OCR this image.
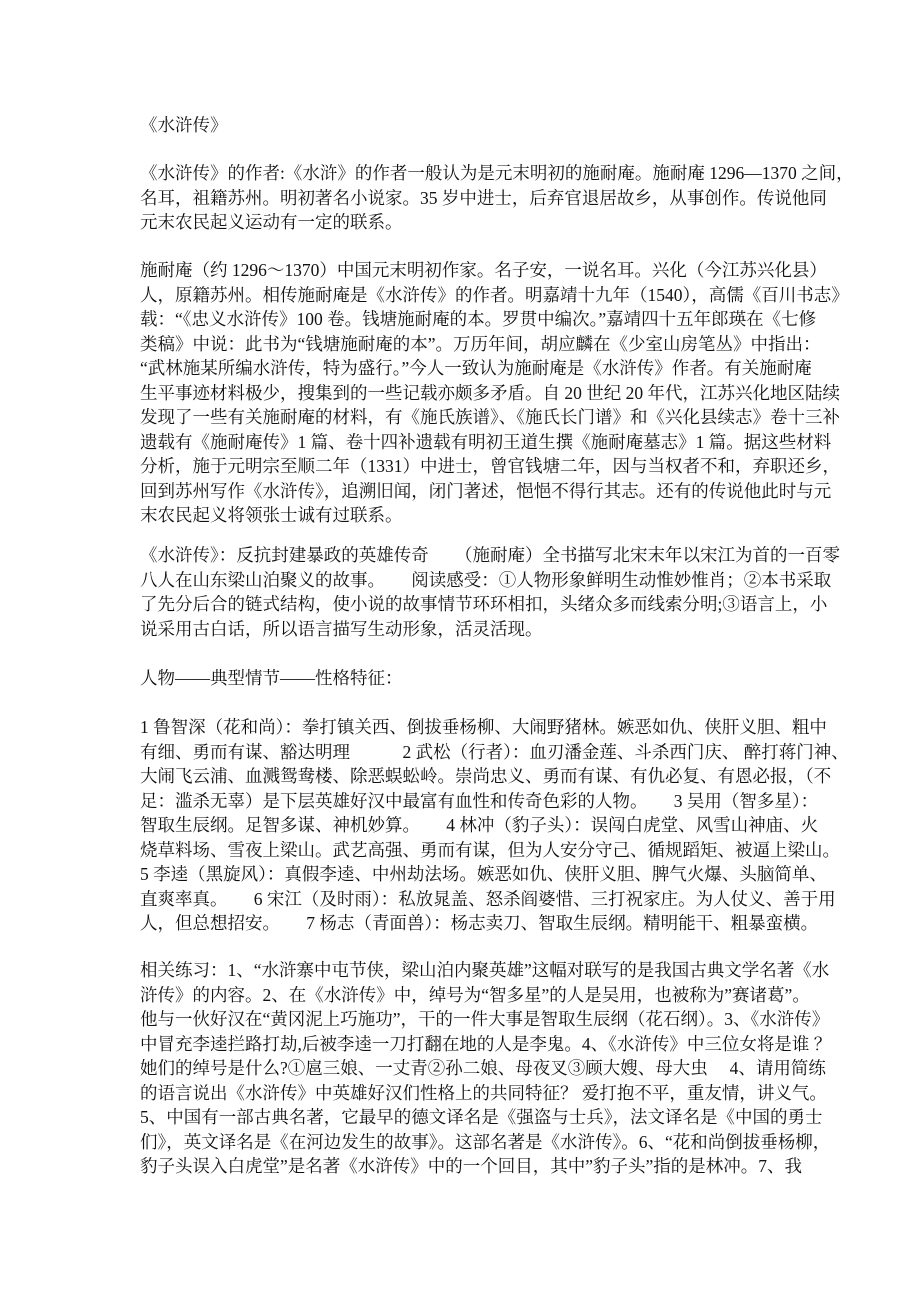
《水浒传》
《水浒传》的作者:《水浒》的作者一般认为是元末明初的施耐庵。施耐庵 1296—1370 之间，
名耳，祖籍苏州。明初著名小说家。35 岁中进士，后弃官退居故乡，从事创作。传说他同
元末农民起义运动有一定的联系。
施耐庵（约 1296～1370）中国元末明初作家。名子安，一说名耳。兴化（今江苏兴化县）
人，原籍苏州。相传施耐庵是《水浒传》的作者。明嘉靖十九年（1540），高儒《百川书志》
载：“《忠义水浒传》100 卷。钱塘施耐庵的本。罗贯中编次。”嘉靖四十五年郎瑛在《七修
类稿》中说：此书为“钱塘施耐庵的本”。万历年间，胡应麟在《少室山房笔丛》中指出：
“武林施某所编水浒传，特为盛行。”今人一致认为施耐庵是《水浒传》作者。有关施耐庵
生平事迹材料极少，搜集到的一些记载亦颇多矛盾。自 20 世纪 20 年代，江苏兴化地区陆续
发现了一些有关施耐庵的材料，有《施氏族谱》、《施氏长门谱》和《兴化县续志》卷十三补
遗载有《施耐庵传》1 篇、卷十四补遗载有明初王道生撰《施耐庵墓志》1 篇。据这些材料
分析，施于元明宗至顺二年（1331）中进士，曾官钱塘二年，因与当权者不和，弃职还乡，
回到苏州写作《水浒传》，追溯旧闻，闭门著述，悒悒不得行其志。还有的传说他此时与元
末农民起义将领张士诚有过联系。
《水浒传》：反抗封建暴政的英雄传奇　　（施耐庵）全书描写北宋末年以宋江为首的一百零
八人在山东梁山泊聚义的故事。　　阅读感受：①人物形象鲜明生动惟妙惟肖；②本书采取
了先分后合的链式结构，使小说的故事情节环环相扣，头绪众多而线索分明;③语言上，小
说采用古白话，所以语言描写生动形象，活灵活现。
人物——典型情节——性格特征：
1 鲁智深（花和尚）：拳打镇关西、倒拔垂杨柳、大闹野猪林。嫉恶如仇、侠肝义胆、粗中
有细、勇而有谋、豁达明理　　　2 武松（行者）：血刃潘金莲、斗杀西门庆、 醉打蒋门神、
大闹飞云浦、血溅鸳鸯楼、除恶蜈蚣岭。崇尚忠义、勇而有谋、有仇必复、有恩必报，（不
足：滥杀无辜）是下层英雄好汉中最富有血性和传奇色彩的人物。　　3 吴用（智多星）：
智取生辰纲。足智多谋、神机妙算。　　4 林冲（豹子头）：误闯白虎堂、风雪山神庙、火
烧草料场、雪夜上梁山。武艺高强、勇而有谋，但为人安分守己、循规蹈矩、被逼上梁山。
5 李逵（黑旋风）：真假李逵、中州劫法场。嫉恶如仇、侠肝义胆、脾气火爆、头脑简单、
直爽率真。　　6 宋江（及时雨）：私放晁盖、怒杀阎婆惜、三打祝家庄。为人仗义、善于用
人，但总想招安。　　7 杨志（青面兽）：杨志卖刀、智取生辰纲。精明能干、粗暴蛮横。
相关练习：1、“水浒寨中屯节侠，梁山泊内聚英雄”这幅对联写的是我国古典文学名著《水
浒传》的内容。2、在《水浒传》中，绰号为“智多星”的人是吴用，也被称为”赛诸葛”。
他与一伙好汉在“黄冈泥上巧施功”，干的一件大事是智取生辰纲（花石纲）。3、《水浒传》
中冒充李逵拦路打劫,后被李逵一刀打翻在地的人是李鬼。4、《水浒传》中三位女将是谁 ？
她们的绰号是什么?①扈三娘、一丈青②孙二娘、母夜叉③顾大嫂、母大虫　 4、请用简练
的语言说出《水浒传》中英雄好汉们性格上的共同特征？ 爱打抱不平，重友情，讲义气。
5、中国有一部古典名著，它最早的德文译名是《强盗与士兵》，法文译名是《中国的勇士
们》，英文译名是《在河边发生的故事》。这部名著是《水浒传》。6、“花和尚倒拔垂杨柳，
豹子头误入白虎堂”是名著《水浒传》中的一个回目，其中”豹子头”指的是林冲。7、我
